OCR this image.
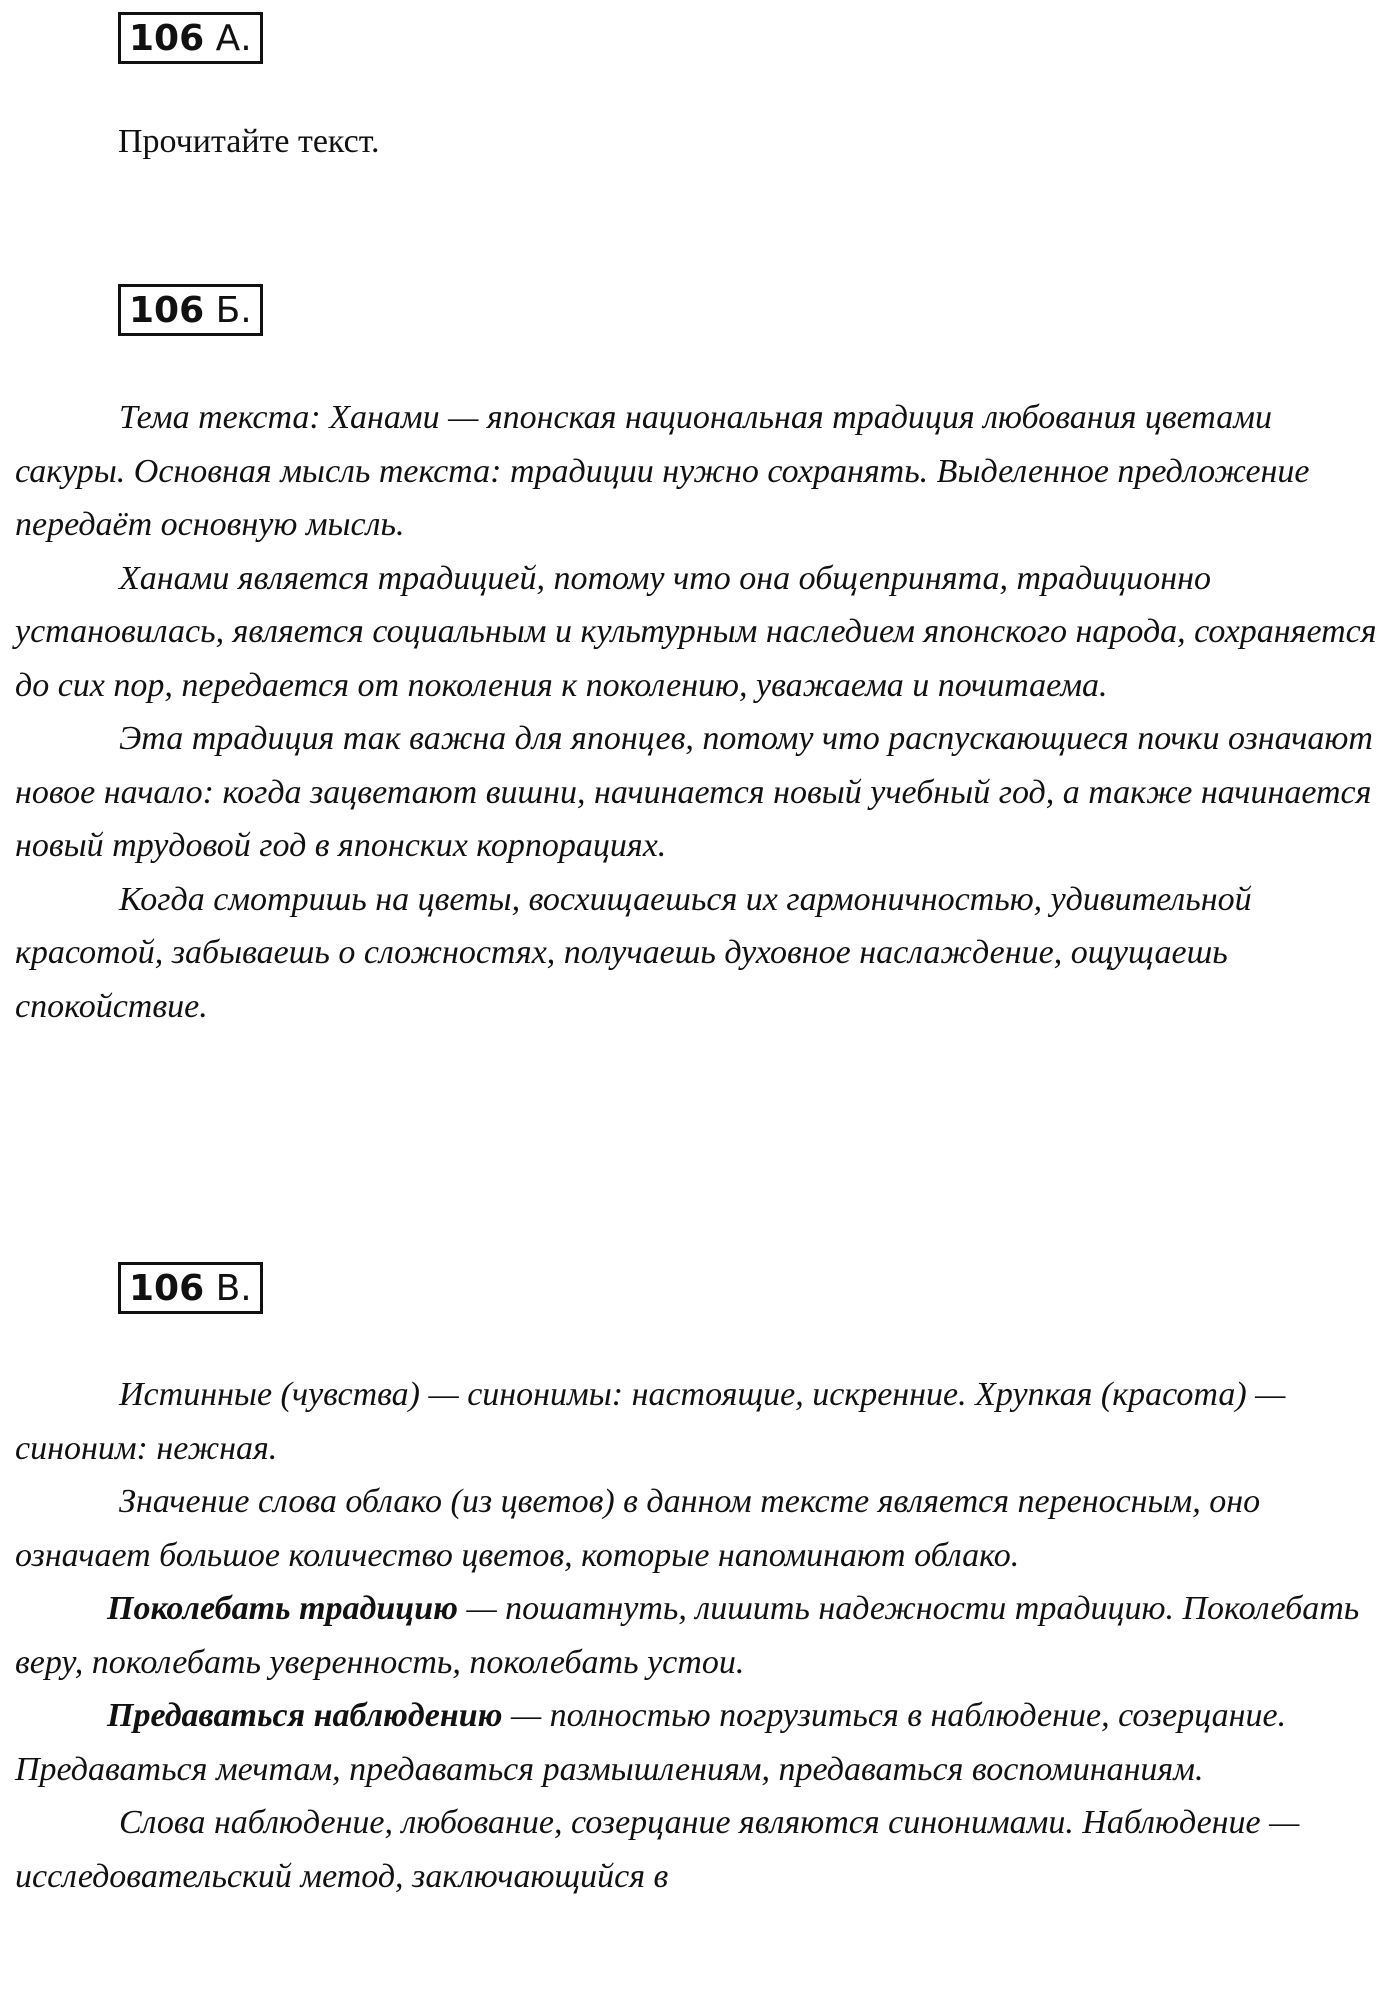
106 А.
Прочитайте текст.
106 Б.

Тема текста: Ханами — японская национальная традиция любования цветами сакуры. Основная мысль текста: традиции нужно сохранять. Выделенное предложение передаёт основную мысль.

Ханами является традицией, потому что она общепринята, традиционно установилась, является социальным и культурным наследием японского народа, сохраняется до сих пор, передается от поколения к поколению, уважаема и почитаема.

Эта традиция так важна для японцев, потому что распускающиеся почки означают новое начало: когда зацветают вишни, начинается новый учебный год, а также начинается новый трудовой год в японских корпорациях.

Когда смотришь на цветы, восхищаешься их гармоничностью, удивительной красотой, забываешь о сложностях, получаешь духовное наслаждение, ощущаешь спокойствие.

106 В.

Истинные (чувства) — синонимы: настоящие, искренние. Хрупкая (красота) — синоним: нежная.

Значение слова облако (из цветов) в данном тексте является переносным, оно означает большое количество цветов, которые напоминают облако.

Поколебать традицию — пошатнуть, лишить надежности традицию. Поколебать веру, поколебать уверенность, поколебать устои.

Предаваться наблюдению — полностью погрузиться в наблюдение, созерцание. Предаваться мечтам, предаваться размышлениям, предаваться воспоминаниям.

Слова наблюдение, любование, созерцание являются синонимами. Наблюдение — исследовательский метод, заключающийся в
